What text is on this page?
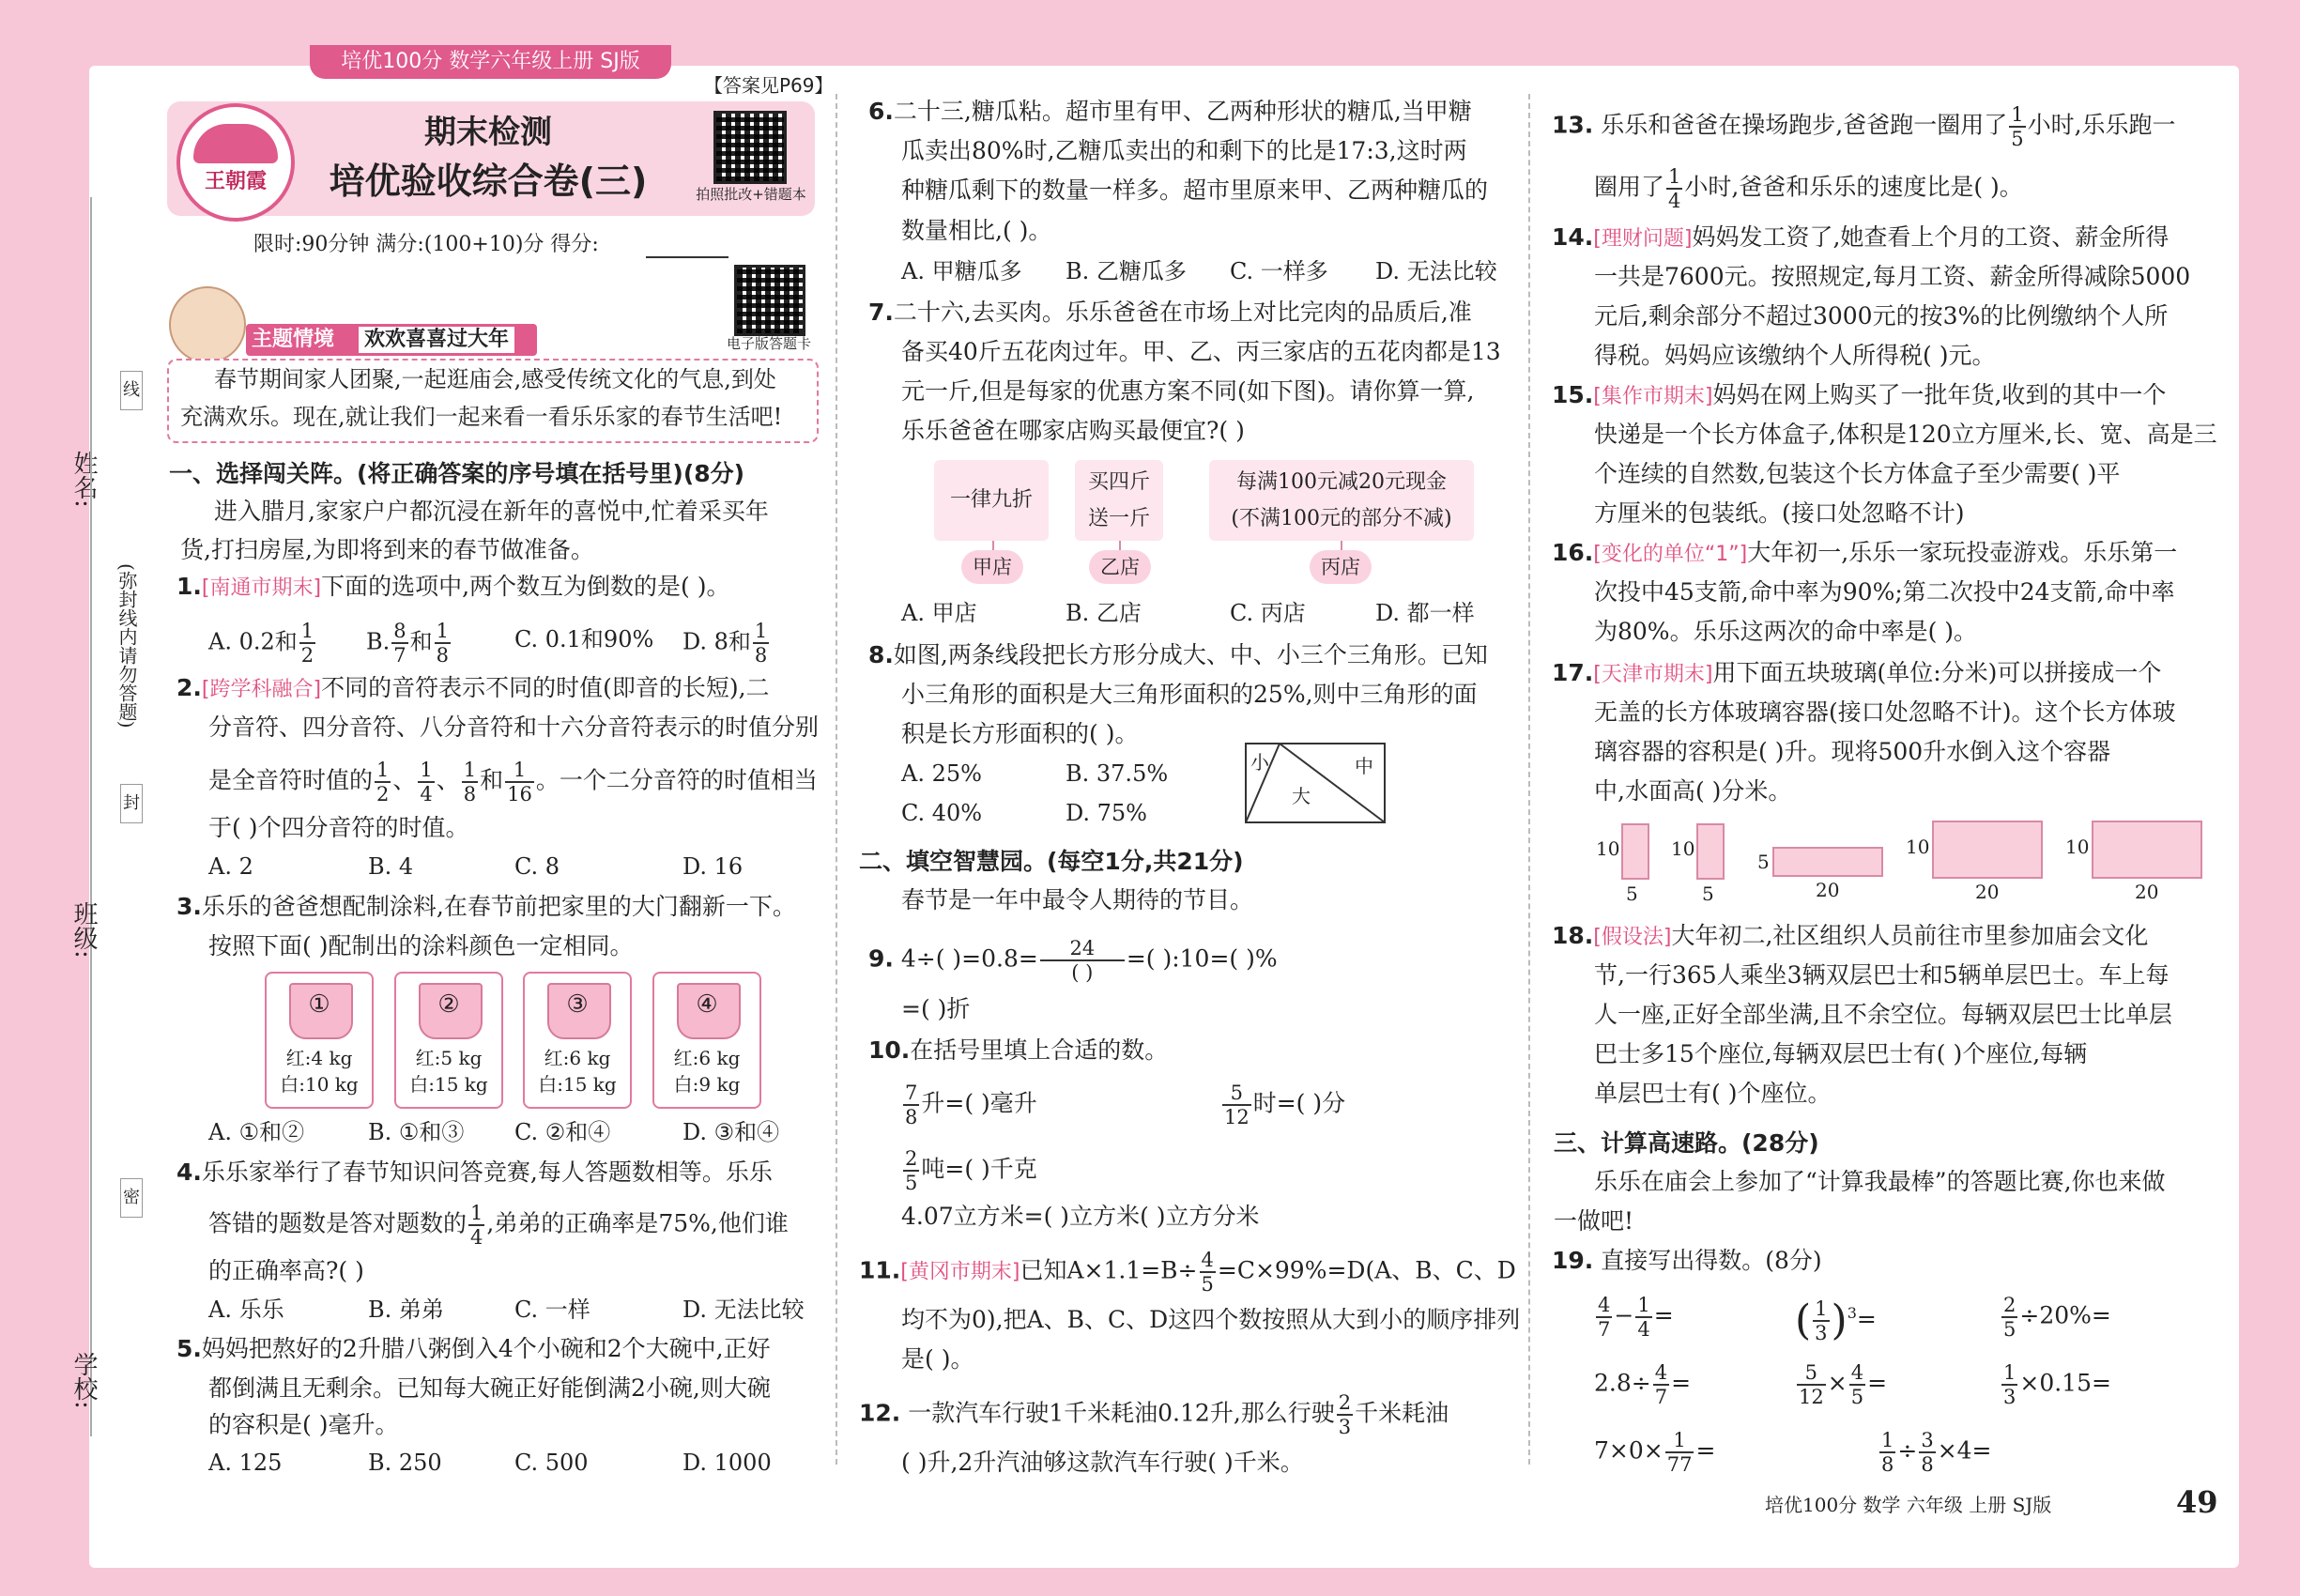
培优100分 数学六年级上册 SJ版
姓名:
线
(弥封线内请勿答题)
封
班级:
密
学校:
【答案见P69】
王朝霞
期末检测
培优验收综合卷(三)	拍照批改+错题本
限时:90分钟 满分:(100+10)分 得分:
电子版答题卡
主题情境 欢欢喜喜过大年
春节期间家人团聚,一起逛庙会,感受传统文化的气息,到处
充满欢乐。现在,就让我们一起来看一看乐乐家的春节生活吧!
一、选择闯关阵。(将正确答案的序号填在括号里)(8分)
进入腊月,家家户户都沉浸在新年的喜悦中,忙着采买年
货,打扫房屋,为即将到来的春节做准备。
1.[南通市期末]下面的选项中,两个数互为倒数的是( )。
A. 0.2和 $\frac{1}{2} B$. $\frac{8}{7}$ 和 $\frac{1}{8}$	C. 0.1和90% D. 8和 $\frac{1}{8}$
2.[跨学科融合]不同的音符表示不同的时值(即音的长短),二
分音符、四分音符、八分音符和十六分音符表示的时值分别
是全音符时值的 $\frac{1}{2}$ 、 $\frac{1}{4}$ 、 $\frac{1}{8}$ 和 $\frac{1}{16}$ 。一个二分音符的时值相当
于( )个四分音符的时值。
A. 2	B. 4	C. 8	D. 16
3.乐乐的爸爸想配制涂料,在春节前把家里的大门翻新一下。
按照下面( )配制出的涂料颜色一定相同。
①
红:4 kg
白:10 kg
②
红:5 kg
白:15 kg
③
红:6 kg
白:15 kg
④
红:6 kg
白:9 kg
A. ①和②	B. ①和③ C. ②和④	D. ③和④
4.乐乐家举行了春节知识问答竞赛,每人答题数相等。乐乐
答错的题数是答对题数的 $\frac{1}{4}$ ,弟弟的正确率是75%,他们谁
的正确率高?( )
A. 乐乐	B. 弟弟	C. 一样	D. 无法比较
5.妈妈把熬好的2升腊八粥倒入4个小碗和2个大碗中,正好
都倒满且无剩余。已知每大碗正好能倒满2小碗,则大碗
的容积是( )毫升。
A. 125	B. 250	C. 500	D. 1000
6.二十三,糖瓜粘。超市里有甲、乙两种形状的糖瓜,当甲糖
瓜卖出80%时,乙糖瓜卖出的和剩下的比是17:3,这时两
种糖瓜剩下的数量一样多。超市里原来甲、乙两种糖瓜的
数量相比,( )。
A. 甲糖瓜多 B. 乙糖瓜多 C. 一样多 D. 无法比较
7.二十六,去买肉。乐乐爸爸在市场上对比完肉的品质后,准
备买40斤五花肉过年。甲、乙、丙三家店的五花肉都是13
元一斤,但是每家的优惠方案不同(如下图)。请你算一算,
乐乐爸爸在哪家店购买最便宜?( )
一律九折
买四斤
送一斤
每满100元减20元现金
(不满100元的部分不减)
甲店	乙店	丙店
A. 甲店	B. 乙店	C. 丙店	D. 都一样
8.如图,两条线段把长方形分成大、中、小三个三角形。已知
小三角形的面积是大三角形面积的25%,则中三角形的面
积是长方形面积的( )。
A. 25%	B. 37.5%
C. 40%	D. 75%
小	中
大
二、填空智慧园。(每空1分,共21分)
春节是一年中最令人期待的节目。
9. 4÷( )$=0.8= \frac{24}{( )}$ =( ):10=( )%
=( )折
10.在括号里填上合适的数。
$\frac{7}{8}$ 升=( )毫升	$\frac{5}{12}$ 时=( )分
$\frac{2}{5}$ 吨=( )千克
4.07立方米=( )立方米( )立方分米
11.[黄冈市期末]已知$A\times 1.1=B\div \frac{4}{5} =C\times 99\%=D(A$、B、C、D
均不为0),把A、B、C、D这四个数按照从大到小的顺序排列
是( )。
12. 一款汽车行驶1千米耗油0.12升,那么行驶 $\frac{2}{3}$ 千米耗油
( )升,2升汽油够这款汽车行驶( )千米。
13. 乐乐和爸爸在操场跑步,爸爸跑一圈用了 $\frac{1}{5}$ 小时,乐乐跑一
圈用了 $\frac{1}{4}$ 小时,爸爸和乐乐的速度比是( )。
14.[理财问题]妈妈发工资了,她查看上个月的工资、薪金所得
一共是7600元。按照规定,每月工资、薪金所得减除5000
元后,剩余部分不超过3000元的按3%的比例缴纳个人所
得税。妈妈应该缴纳个人所得税( )元。
15.[集作市期末]妈妈在网上购买了一批年货,收到的其中一个
快递是一个长方体盒子,体积是120立方厘米,长、宽、高是三
个连续的自然数,包装这个长方体盒子至少需要( )平
方厘米的包装纸。(接口处忽略不计)
16.[变化的单位“1”]大年初一,乐乐一家玩投壶游戏。乐乐第一
次投中45支箭,命中率为90%;第二次投中24支箭,命中率
为80%。乐乐这两次的命中率是( )。
17.[天津市期末]用下面五块玻璃(单位:分米)可以拼接成一个
无盖的长方体玻璃容器(接口处忽略不计)。这个长方体玻
璃容器的容积是( )升。现将500升水倒入这个容器
中,水面高( )分米。
10
5
10
5
5
20
10
20
10
20
18.[假设法]大年初二,社区组织人员前往市里参加庙会文化
节,一行365人乘坐3辆双层巴士和5辆单层巴士。车上每
人一座,正好全部坐满,且不余空位。每辆双层巴士比单层
巴士多15个座位,每辆双层巴士有( )个座位,每辆
单层巴士有( )个座位。
三、计算高速路。(28分)
乐乐在庙会上参加了“计算我最棒”的答题比赛,你也来做
一做吧!
19. 直接写出得数。(8分)
$\frac{4}{7} - \frac{1}{4}$ =	( $\frac{1}{3} )^3=$	$\frac{2}{5} \div 20\%=$
$2.8\div \frac{4}{7}$ =	$\frac{5}{12} \times \frac{4}{5}$ =	$\frac{1}{3} \times 0.15=$
$7\times 0\times \frac{1}{77}$ =	$\frac{1}{8} \div \frac{3}{8} \times 4=$
培优100分 数学 六年级 上册 SJ版	49
